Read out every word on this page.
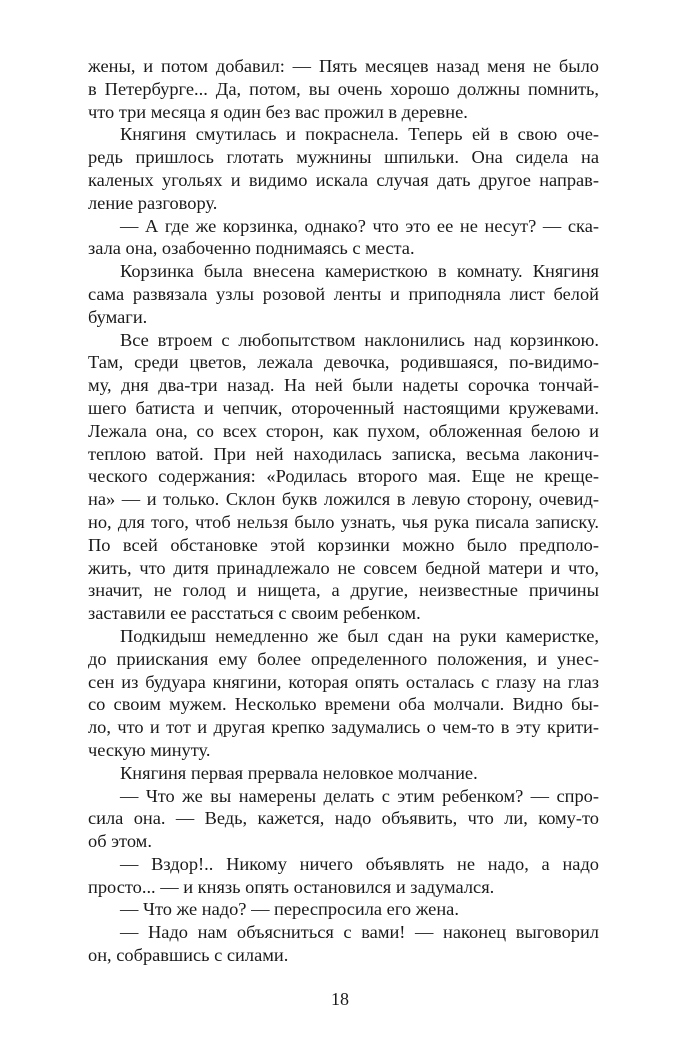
жены, и потом добавил: — Пять месяцев назад меня не было
в Петербурге... Да, потом, вы очень хорошо должны помнить,
что три месяца я один без вас прожил в деревне.
Княгиня смутилась и покраснела. Теперь ей в свою оче-
редь пришлось глотать мужнины шпильки. Она сидела на
каленых угольях и видимо искала случая дать другое направ-
ление разговору.
— А где же корзинка, однако? что это ее не несут? — ска-
зала она, озабоченно поднимаясь с места.
Корзинка была внесена камеристкою в комнату. Княгиня
сама развязала узлы розовой ленты и приподняла лист белой
бумаги.
Все втроем с любопытством наклонились над корзинкою.
Там, среди цветов, лежала девочка, родившаяся, по-видимо-
му, дня два-три назад. На ней были надеты сорочка тончай-
шего батиста и чепчик, отороченный настоящими кружевами.
Лежала она, со всех сторон, как пухом, обложенная белою и
теплою ватой. При ней находилась записка, весьма лаконич-
ческого содержания: «Родилась второго мая. Еще не креще-
на» — и только. Склон букв ложился в левую сторону, очевид-
но, для того, чтоб нельзя было узнать, чья рука писала записку.
По всей обстановке этой корзинки можно было предполо-
жить, что дитя принадлежало не совсем бедной матери и что,
значит, не голод и нищета, а другие, неизвестные причины
заставили ее расстаться с своим ребенком.
Подкидыш немедленно же был сдан на руки камеристке,
до приискания ему более определенного положения, и унес-
сен из будуара княгини, которая опять осталась с глазу на глаз
со своим мужем. Несколько времени оба молчали. Видно бы-
ло, что и тот и другая крепко задумались о чем-то в эту крити-
ческую минуту.
Княгиня первая прервала неловкое молчание.
— Что же вы намерены делать с этим ребенком? — спро-
сила она. — Ведь, кажется, надо объявить, что ли, кому-то
об этом.
— Вздор!.. Никому ничего объявлять не надо, а надо
просто... — и князь опять остановился и задумался.
— Что же надо? — переспросила его жена.
— Надо нам объясниться с вами! — наконец выговорил
он, собравшись с силами.
18
